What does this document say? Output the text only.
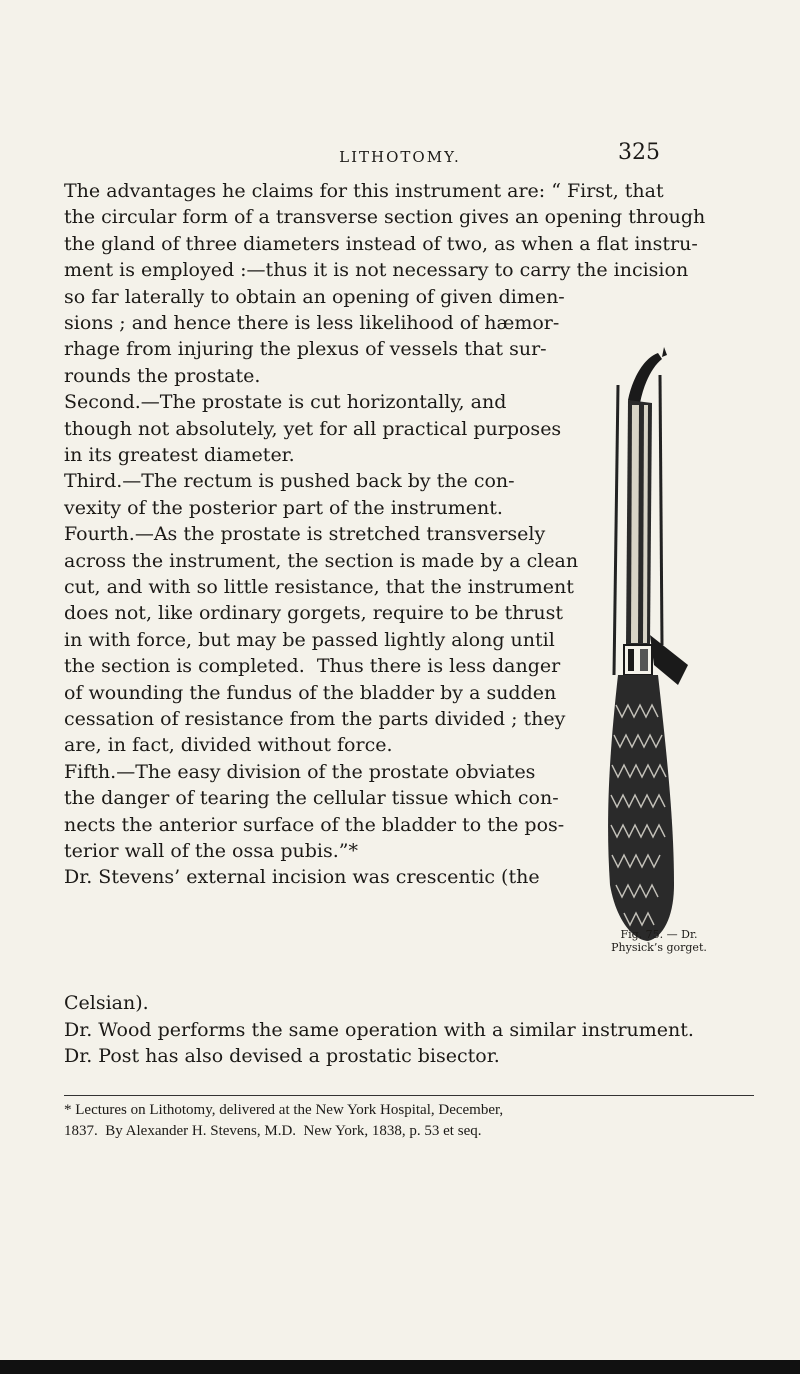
LITHOTOMY.	325
The advantages he claims for this instrument are: “ First, that
the circular form of a transverse section gives an opening through
the gland of three diameters instead of two, as when a flat instru-
ment is employed :—thus it is not necessary to carry the incision
so far laterally to obtain an opening of given dimen-
sions ; and hence there is less likelihood of hæmor-
rhage from injuring the plexus of vessels that sur-
rounds the prostate.
Second.—The prostate is cut horizontally, and
though not absolutely, yet for all practical purposes
in its greatest diameter.
Third.—The rectum is pushed back by the con-
vexity of the posterior part of the instrument.
Fourth.—As the prostate is stretched transversely
across the instrument, the section is made by a clean
cut, and with so little resistance, that the instrument
does not, like ordinary gorgets, require to be thrust
in with force, but may be passed lightly along until
the section is completed.  Thus there is less danger
of wounding the fundus of the bladder by a sudden
cessation of resistance from the parts divided ; they
are, in fact, divided without force.
Fifth.—The easy division of the prostate obviates
the danger of tearing the cellular tissue which con-
nects the anterior surface of the bladder to the pos-
terior wall of the ossa pubis.”*
Dr. Stevens’ external incision was crescentic (the
Celsian).
Dr. Wood performs the same operation with a similar instrument.
Dr. Post has also devised a prostatic bisector.
Fig. 75. — Dr.
Physick’s gorget.
* Lectures on Lithotomy, delivered at the New York Hospital, December,
1837.  By Alexander H. Stevens, M.D.  New York, 1838, p. 53 et seq.
